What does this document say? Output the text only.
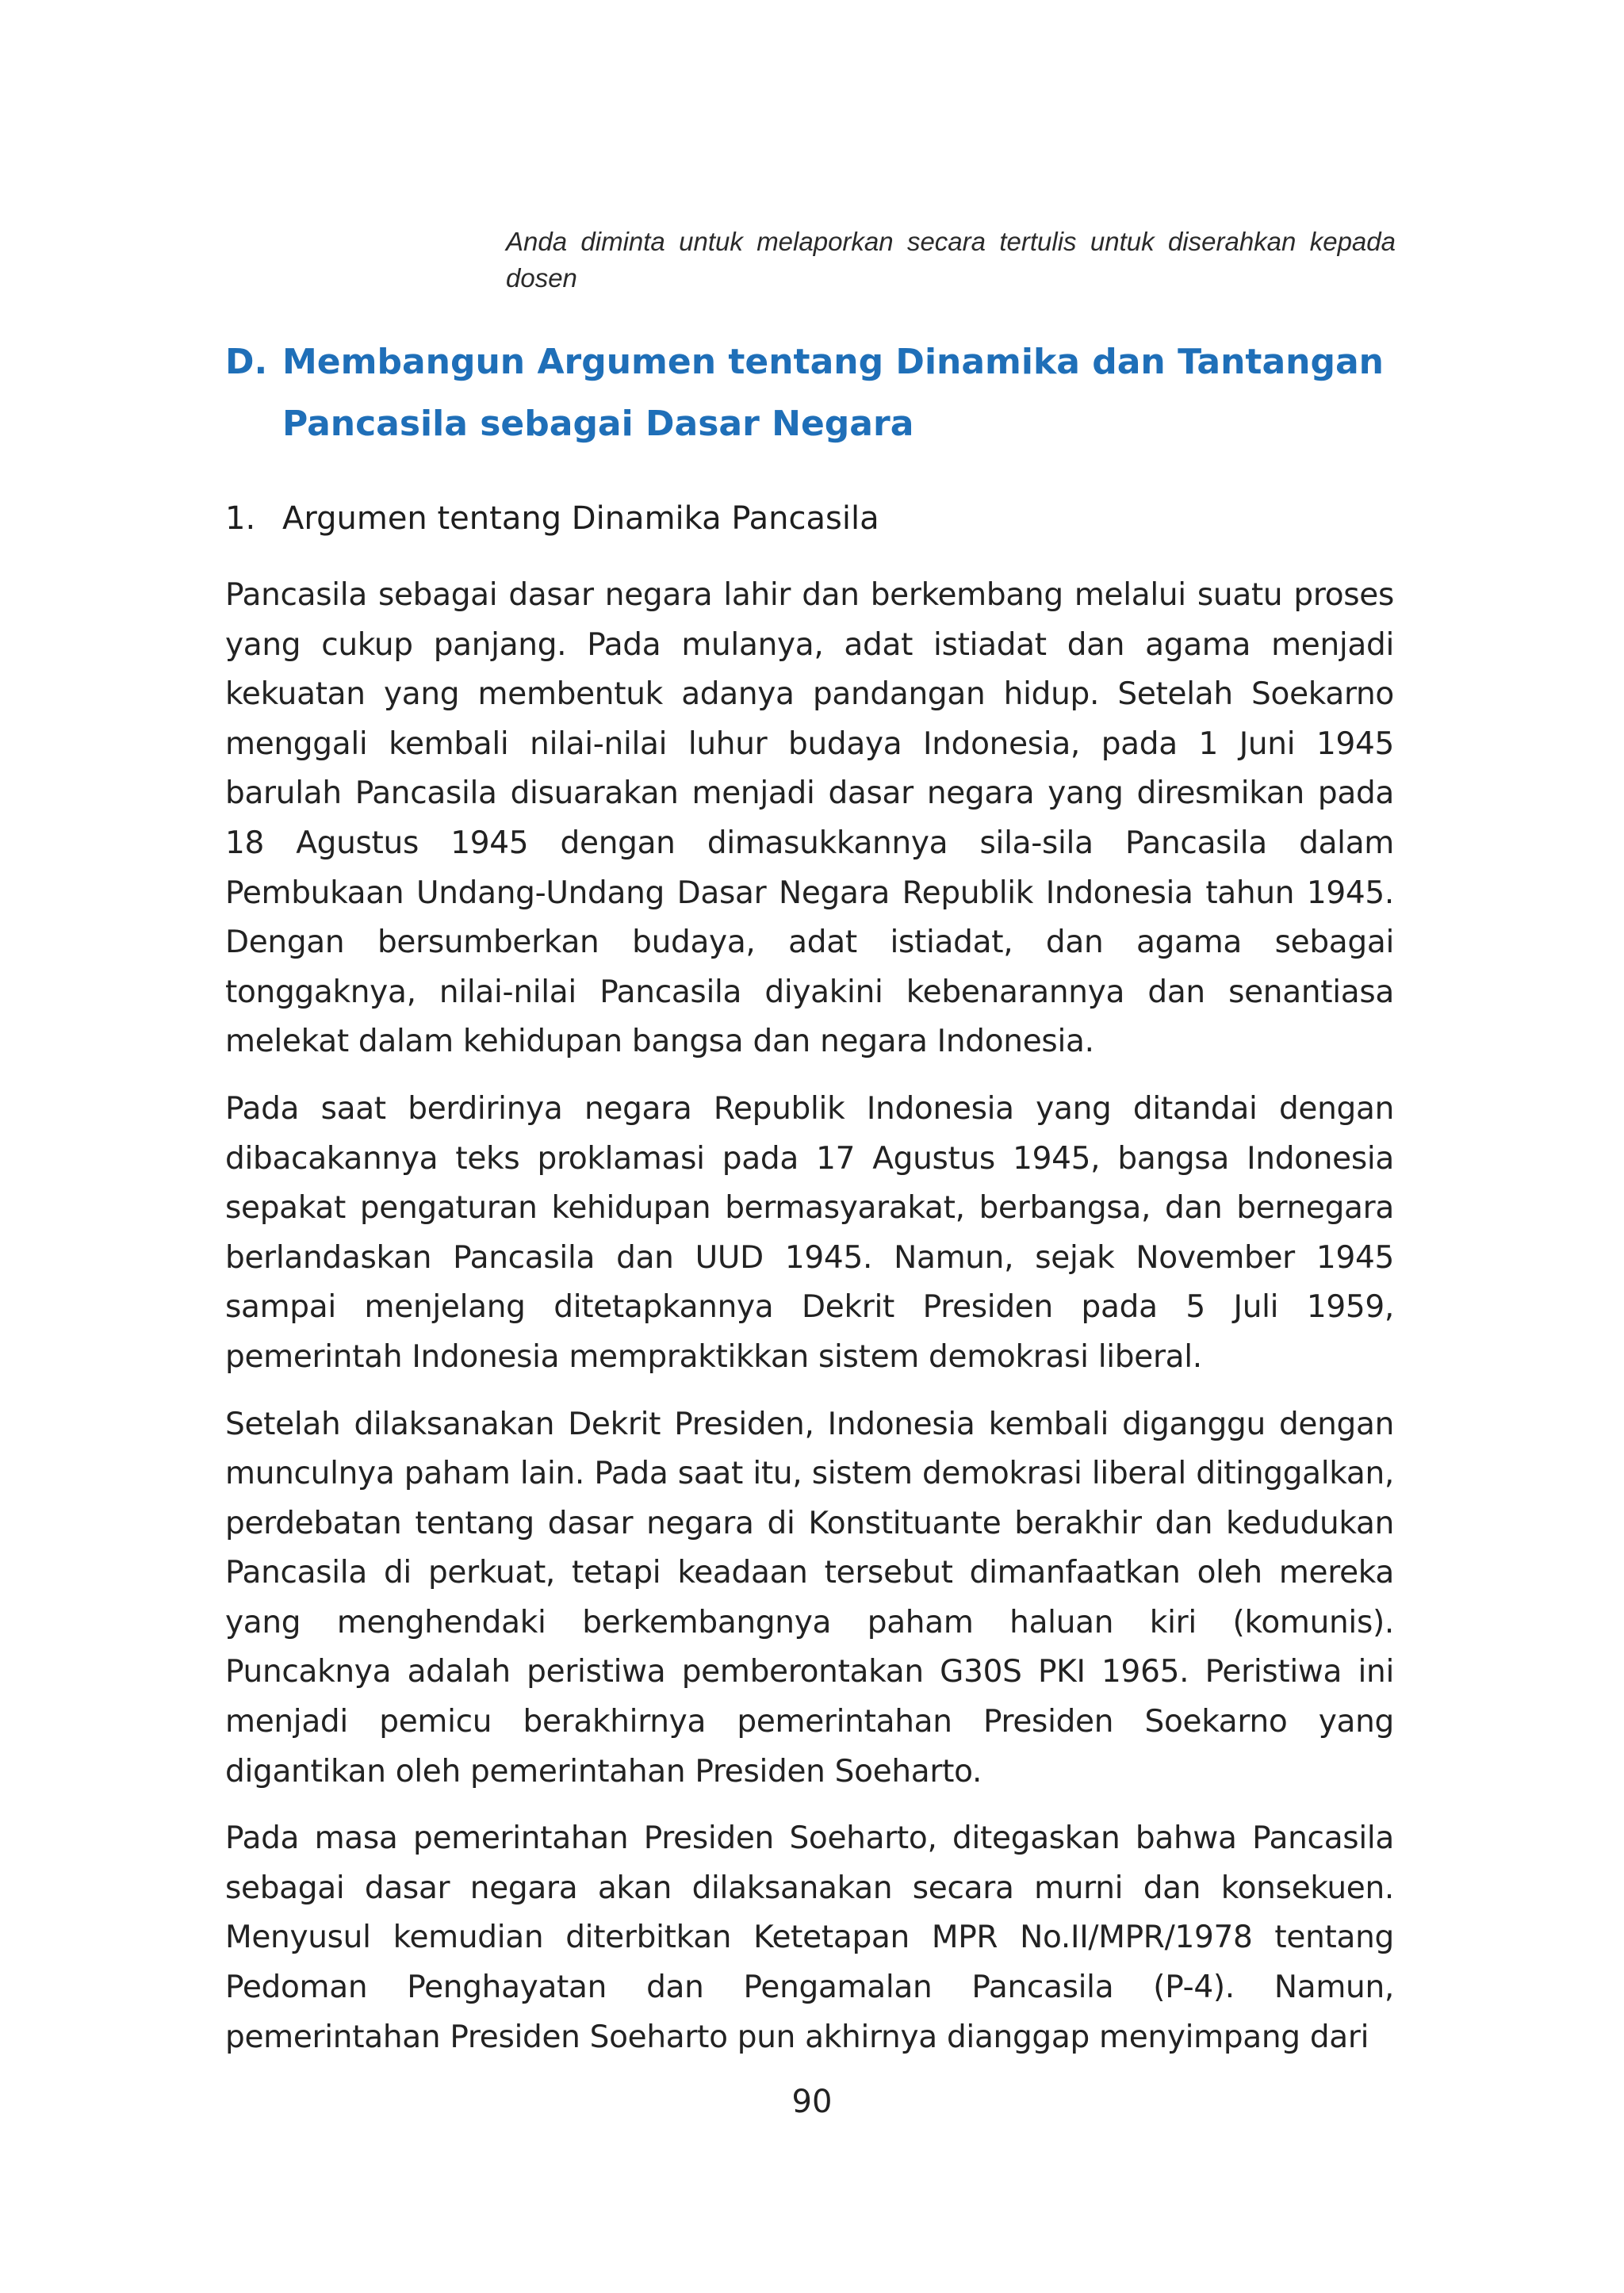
Anda diminta untuk melaporkan secara tertulis untuk diserahkan kepada dosen
D. Membangun Argumen tentang Dinamika dan Tantangan Pancasila sebagai Dasar Negara
1. Argumen tentang Dinamika Pancasila

Pancasila sebagai dasar negara lahir dan berkembang melalui suatu proses yang cukup panjang. Pada mulanya, adat istiadat dan agama menjadi kekuatan yang membentuk adanya pandangan hidup. Setelah Soekarno menggali kembali nilai-nilai luhur budaya Indonesia, pada 1 Juni 1945 barulah Pancasila disuarakan menjadi dasar negara yang diresmikan pada 18 Agustus 1945 dengan dimasukkannya sila-sila Pancasila dalam Pembukaan Undang-Undang Dasar Negara Republik Indonesia tahun 1945. Dengan bersumberkan budaya, adat istiadat, dan agama sebagai tonggaknya, nilai-nilai Pancasila diyakini kebenarannya dan senantiasa melekat dalam kehidupan bangsa dan negara Indonesia.

Pada saat berdirinya negara Republik Indonesia yang ditandai dengan dibacakannya teks proklamasi pada 17 Agustus 1945, bangsa Indonesia sepakat pengaturan kehidupan bermasyarakat, berbangsa, dan bernegara berlandaskan Pancasila dan UUD 1945. Namun, sejak November 1945 sampai menjelang ditetapkannya Dekrit Presiden pada 5 Juli 1959, pemerintah Indonesia mempraktikkan sistem demokrasi liberal.

Setelah dilaksanakan Dekrit Presiden, Indonesia kembali diganggu dengan munculnya paham lain. Pada saat itu, sistem demokrasi liberal ditinggalkan, perdebatan tentang dasar negara di Konstituante berakhir dan kedudukan Pancasila di perkuat, tetapi keadaan tersebut dimanfaatkan oleh mereka yang menghendaki berkembangnya paham haluan kiri (komunis). Puncaknya adalah peristiwa pemberontakan G30S PKI 1965. Peristiwa ini menjadi pemicu berakhirnya pemerintahan Presiden Soekarno yang digantikan oleh pemerintahan Presiden Soeharto.

Pada masa pemerintahan Presiden Soeharto, ditegaskan bahwa Pancasila sebagai dasar negara akan dilaksanakan secara murni dan konsekuen. Menyusul kemudian diterbitkan Ketetapan MPR No.II/MPR/1978 tentang Pedoman Penghayatan dan Pengamalan Pancasila (P-4). Namun, pemerintahan Presiden Soeharto pun akhirnya dianggap menyimpang dari

90
